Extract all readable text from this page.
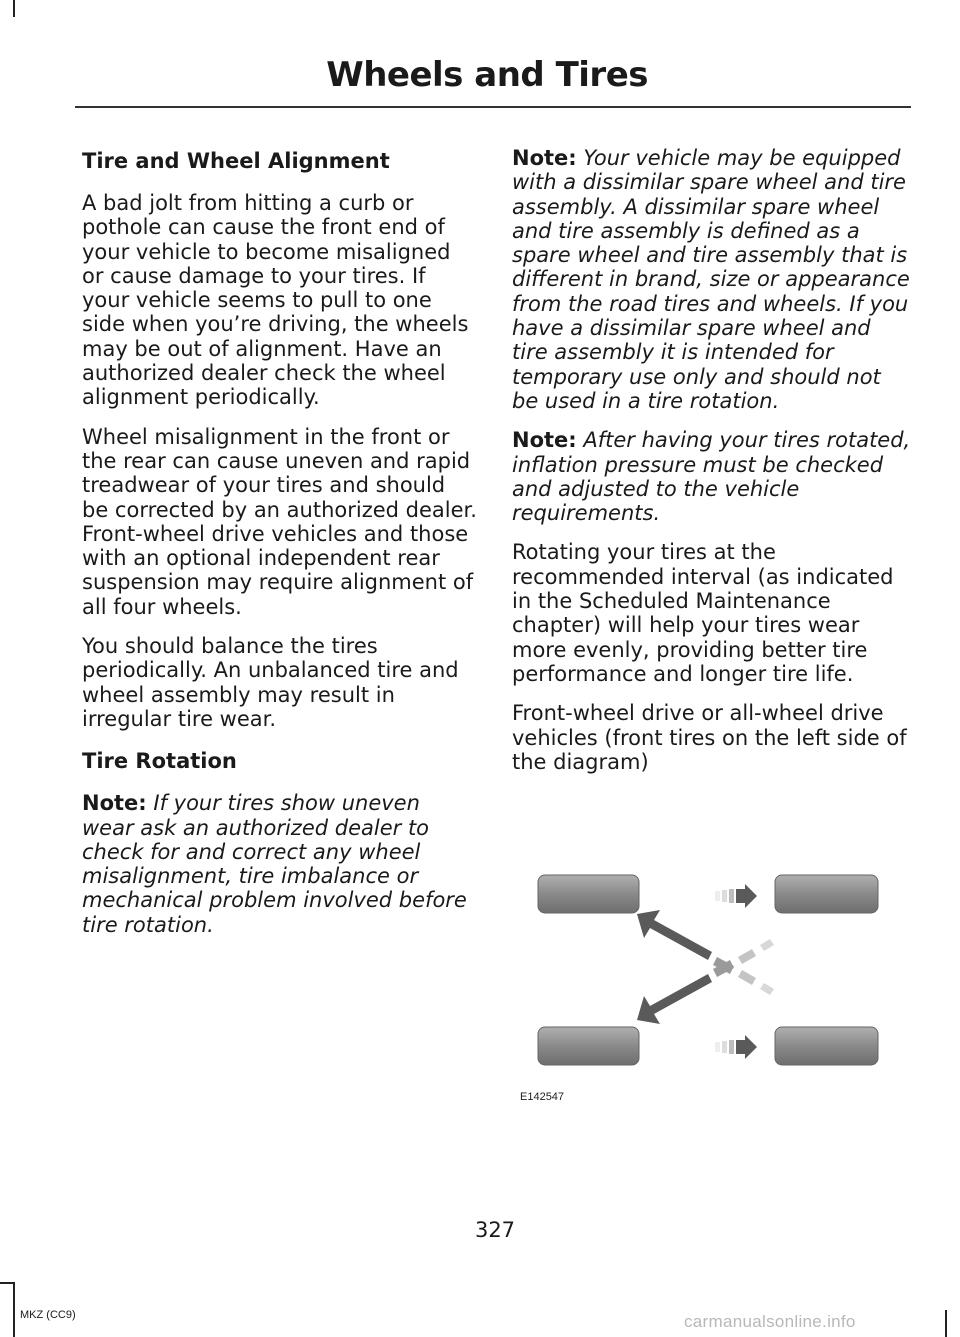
Wheels and Tires
Tire and Wheel Alignment

A bad jolt from hitting a curb or pothole can cause the front end of your vehicle to become misaligned or cause damage to your tires. If your vehicle seems to pull to one side when you’re driving, the wheels may be out of alignment. Have an authorized dealer check the wheel alignment periodically.

Wheel misalignment in the front or the rear can cause uneven and rapid treadwear of your tires and should be corrected by an authorized dealer. Front-wheel drive vehicles and those with an optional independent rear suspension may require alignment of all four wheels.

You should balance the tires periodically. An unbalanced tire and wheel assembly may result in irregular tire wear.

Tire Rotation

Note: If your tires show uneven wear ask an authorized dealer to check for and correct any wheel misalignment, tire imbalance or mechanical problem involved before tire rotation.

Note: Your vehicle may be equipped with a dissimilar spare wheel and tire assembly. A dissimilar spare wheel and tire assembly is defined as a spare wheel and tire assembly that is different in brand, size or appearance from the road tires and wheels. If you have a dissimilar spare wheel and tire assembly it is intended for temporary use only and should not be used in a tire rotation.

Note: After having your tires rotated, inflation pressure must be checked and adjusted to the vehicle requirements.

Rotating your tires at the recommended interval (as indicated in the Scheduled Maintenance chapter) will help your tires wear more evenly, providing better tire performance and longer tire life.

Front-wheel drive or all-wheel drive vehicles (front tires on the left side of the diagram)

E142547
327
MKZ (CC9)	carmanualsonline.info
